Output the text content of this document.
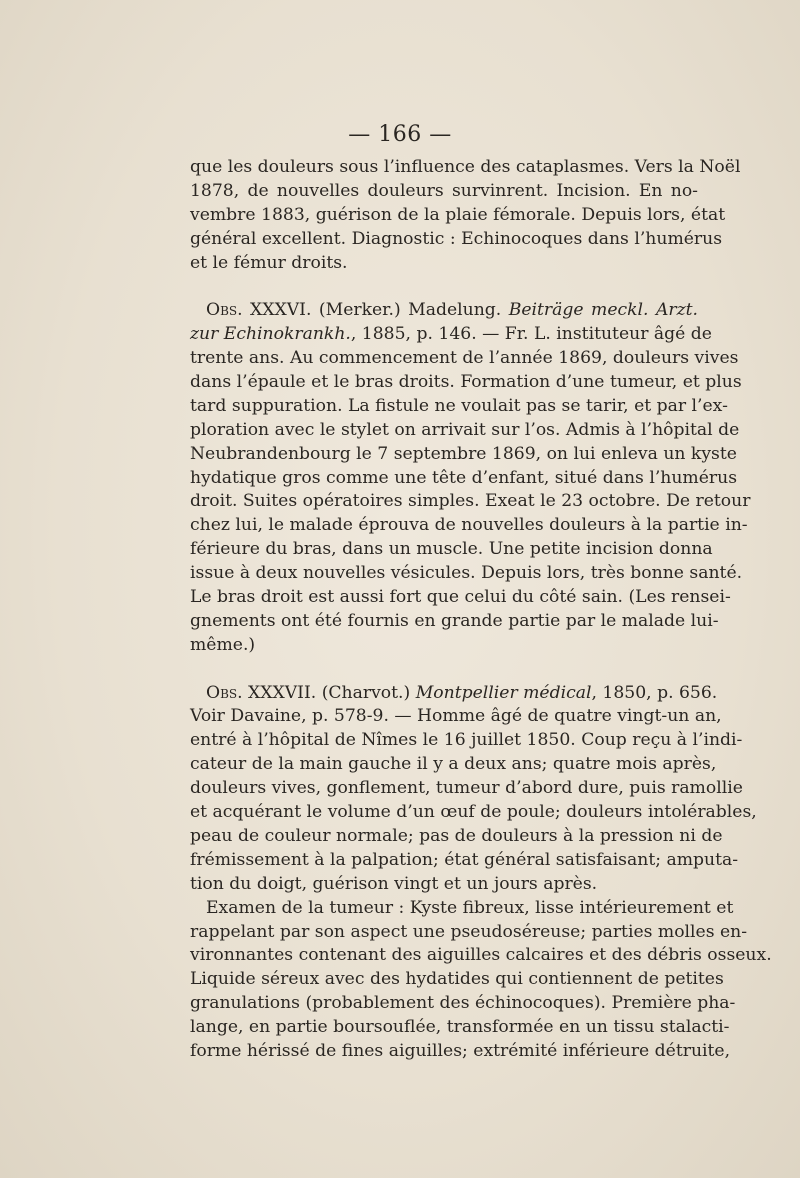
— 166 —
que les douleurs sous l’influence des cataplasmes. Vers la Noël
1878, de nouvelles douleurs survinrent. Incision. En no-
vembre 1883, guérison de la plaie fémorale. Depuis lors, état
général excellent. Diagnostic : Echinocoques dans l’humérus
et le fémur droits.
Obs. XXXVI. (Merker.) Madelung. Beiträge meckl. Arzt.
zur Echinokrankh., 1885, p. 146. — Fr. L. instituteur âgé de
trente ans. Au commencement de l’année 1869, douleurs vives
dans l’épaule et le bras droits. Formation d’une tumeur, et plus
tard suppuration. La fistule ne voulait pas se tarir, et par l’ex-
ploration avec le stylet on arrivait sur l’os. Admis à l’hôpital de
Neubrandenbourg le 7 septembre 1869, on lui enleva un kyste
hydatique gros comme une tête d’enfant, situé dans l’humérus
droit. Suites opératoires simples. Exeat le 23 octobre. De retour
chez lui, le malade éprouva de nouvelles douleurs à la partie in-
férieure du bras, dans un muscle. Une petite incision donna
issue à deux nouvelles vésicules. Depuis lors, très bonne santé.
Le bras droit est aussi fort que celui du côté sain. (Les rensei-
gnements ont été fournis en grande partie par le malade lui-
même.)
Obs. XXXVII. (Charvot.) Montpellier médical, 1850, p. 656.
Voir Davaine, p. 578-9. — Homme âgé de quatre vingt-un an,
entré à l’hôpital de Nîmes le 16 juillet 1850. Coup reçu à l’indi-
cateur de la main gauche il y a deux ans; quatre mois après,
douleurs vives, gonflement, tumeur d’abord dure, puis ramollie
et acquérant le volume d’un œuf de poule; douleurs intolérables,
peau de couleur normale; pas de douleurs à la pression ni de
frémissement à la palpation; état général satisfaisant; amputa-
tion du doigt, guérison vingt et un jours après.
Examen de la tumeur : Kyste fibreux, lisse intérieurement et
rappelant par son aspect une pseudoséreuse; parties molles en-
vironnantes contenant des aiguilles calcaires et des débris osseux.
Liquide séreux avec des hydatides qui contiennent de petites
granulations (probablement des échinocoques). Première pha-
lange, en partie boursouflée, transformée en un tissu stalacti-
forme hérissé de fines aiguilles; extrémité inférieure détruite,
